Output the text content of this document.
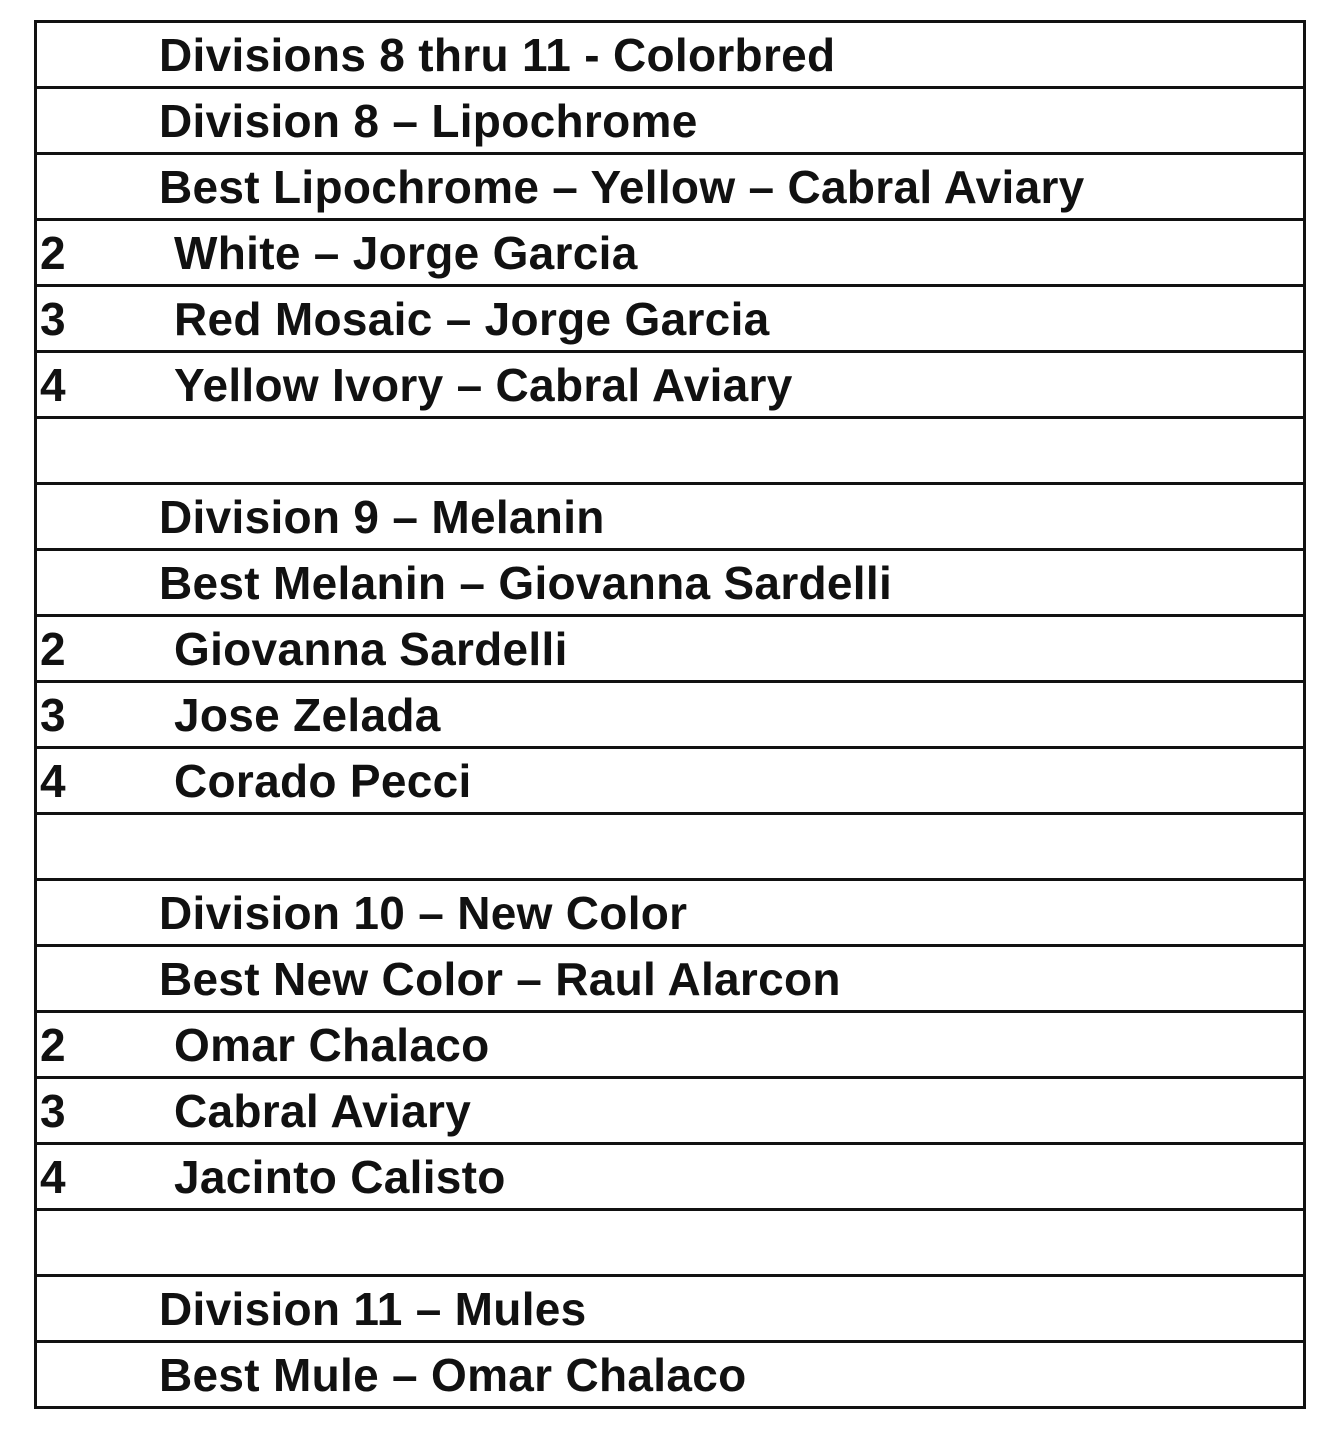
Divisions 8 thru 11 - Colorbred
Division 8 – Lipochrome
Best Lipochrome – Yellow – Cabral Aviary
2 White – Jorge Garcia
3 Red Mosaic – Jorge Garcia
4 Yellow Ivory – Cabral Aviary
Division 9 – Melanin
Best Melanin – Giovanna Sardelli
2 Giovanna Sardelli
3 Jose Zelada
4 Corado Pecci
Division 10 – New Color
Best New Color – Raul Alarcon
2 Omar Chalaco
3 Cabral Aviary
4 Jacinto Calisto
Division 11 – Mules
Best Mule – Omar Chalaco
